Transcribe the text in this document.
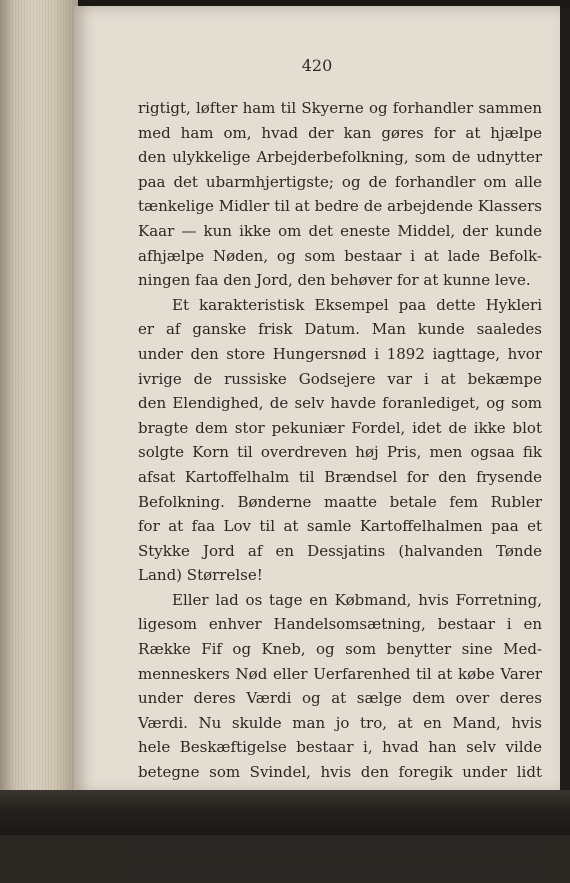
420
rigtigt, løfter ham til Skyerne og forhandler sammen
med ham om, hvad der kan gøres for at hjælpe
den ulykkelige Arbejderbefolkning, som de udnytter
paa det ubarmhjertigste; og de forhandler om alle
tænkelige Midler til at bedre de arbejdende Klassers
Kaar — kun ikke om det eneste Middel, der kunde
afhjælpe Nøden, og som bestaar i at lade Befolk-
ningen faa den Jord, den behøver for at kunne leve.
Et karakteristisk Eksempel paa dette Hykleri
er af ganske frisk Datum. Man kunde saaledes
under den store Hungersnød i 1892 iagttage, hvor
ivrige de russiske Godsejere var i at bekæmpe
den Elendighed, de selv havde foranlediget, og som
bragte dem stor pekuniær Fordel, idet de ikke blot
solgte Korn til overdreven høj Pris, men ogsaa fik
afsat Kartoffelhalm til Brændsel for den frysende
Befolkning. Bønderne maatte betale fem Rubler
for at faa Lov til at samle Kartoffelhalmen paa et
Stykke Jord af en Dessjatins (halvanden Tønde
Land) Størrelse!
Eller lad os tage en Købmand, hvis Forretning,
ligesom enhver Handelsomsætning, bestaar i en
Række Fif og Kneb, og som benytter sine Med-
menneskers Nød eller Uerfarenhed til at købe Varer
under deres Værdi og at sælge dem over deres
Værdi. Nu skulde man jo tro, at en Mand, hvis
hele Beskæftigelse bestaar i, hvad han selv vilde
betegne som Svindel, hvis den foregik under lidt
kunde betragte sig selv som en Kristen eller et
frisindet Menneske, saa længe han fortsatte denne
